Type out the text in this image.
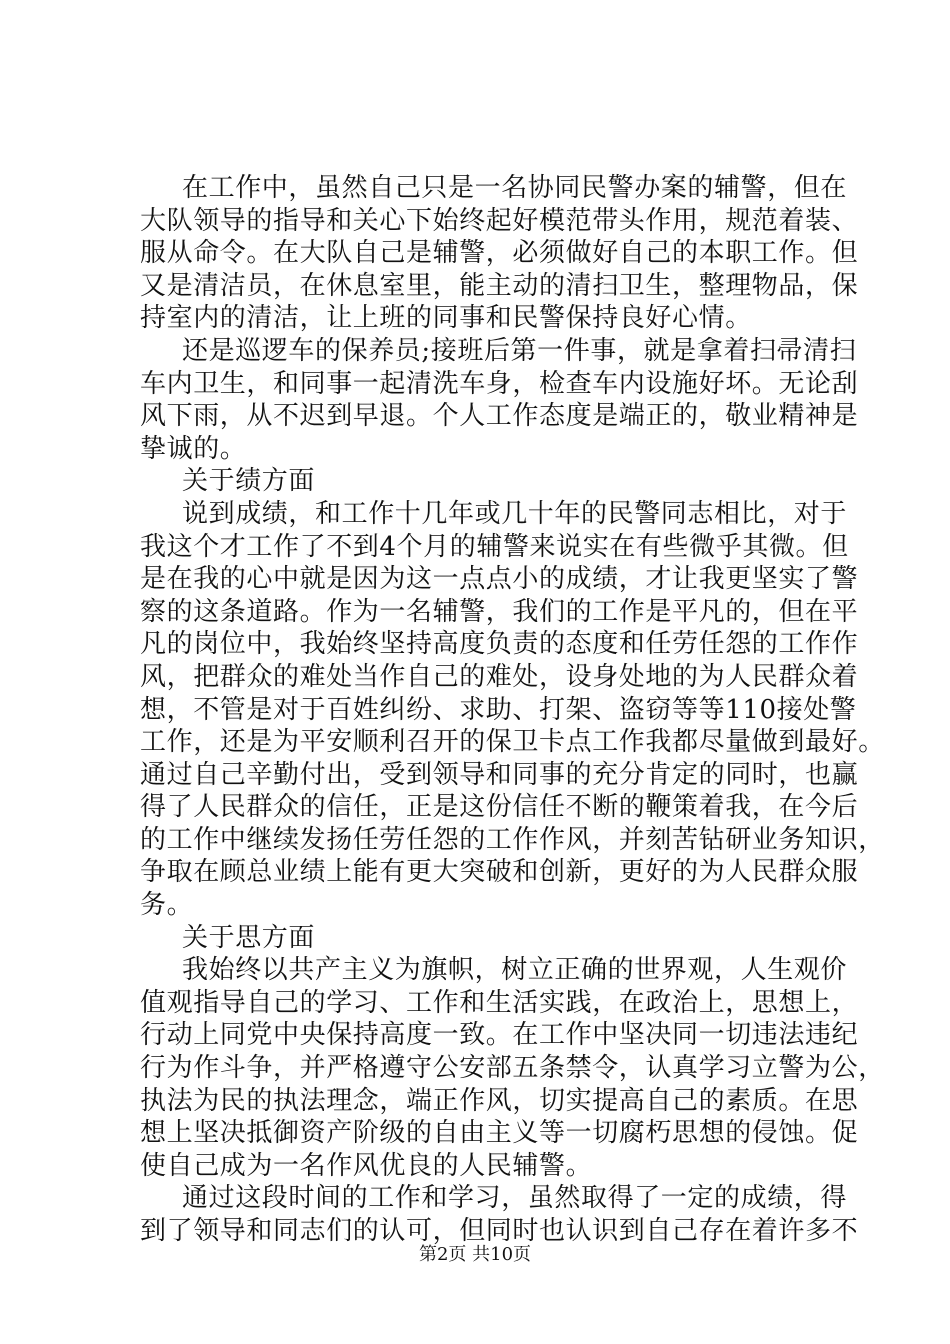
在工作中，虽然自己只是一名协同民警办案的辅警，但在
大队领导的指导和关心下始终起好模范带头作用，规范着装、
服从命令。在大队自己是辅警，必须做好自己的本职工作。但
又是清洁员，在休息室里，能主动的清扫卫生，整理物品，保
持室内的清洁，让上班的同事和民警保持良好心情。
还是巡逻车的保养员;接班后第一件事，就是拿着扫帚清扫
车内卫生，和同事一起清洗车身，检查车内设施好坏。无论刮
风下雨，从不迟到早退。个人工作态度是端正的，敬业精神是
挚诚的。
关于绩方面
说到成绩，和工作十几年或几十年的民警同志相比，对于
我这个才工作了不到4个月的辅警来说实在有些微乎其微。但
是在我的心中就是因为这一点点小的成绩，才让我更坚实了警
察的这条道路。作为一名辅警，我们的工作是平凡的，但在平
凡的岗位中，我始终坚持高度负责的态度和任劳任怨的工作作
风，把群众的难处当作自己的难处，设身处地的为人民群众着
想，不管是对于百姓纠纷、求助、打架、盗窃等等110接处警
工作，还是为平安顺利召开的保卫卡点工作我都尽量做到最好。
通过自己辛勤付出，受到领导和同事的充分肯定的同时，也赢
得了人民群众的信任，正是这份信任不断的鞭策着我，在今后
的工作中继续发扬任劳任怨的工作作风，并刻苦钻研业务知识，
争取在顾总业绩上能有更大突破和创新，更好的为人民群众服
务。
关于思方面
我始终以共产主义为旗帜，树立正确的世界观，人生观价
值观指导自己的学习、工作和生活实践，在政治上，思想上，
行动上同党中央保持高度一致。在工作中坚决同一切违法违纪
行为作斗争，并严格遵守公安部五条禁令，认真学习立警为公，
执法为民的执法理念，端正作风，切实提高自己的素质。在思
想上坚决抵御资产阶级的自由主义等一切腐朽思想的侵蚀。促
使自己成为一名作风优良的人民辅警。
通过这段时间的工作和学习，虽然取得了一定的成绩，得
到了领导和同志们的认可，但同时也认识到自己存在着许多不
第2页 共10页
